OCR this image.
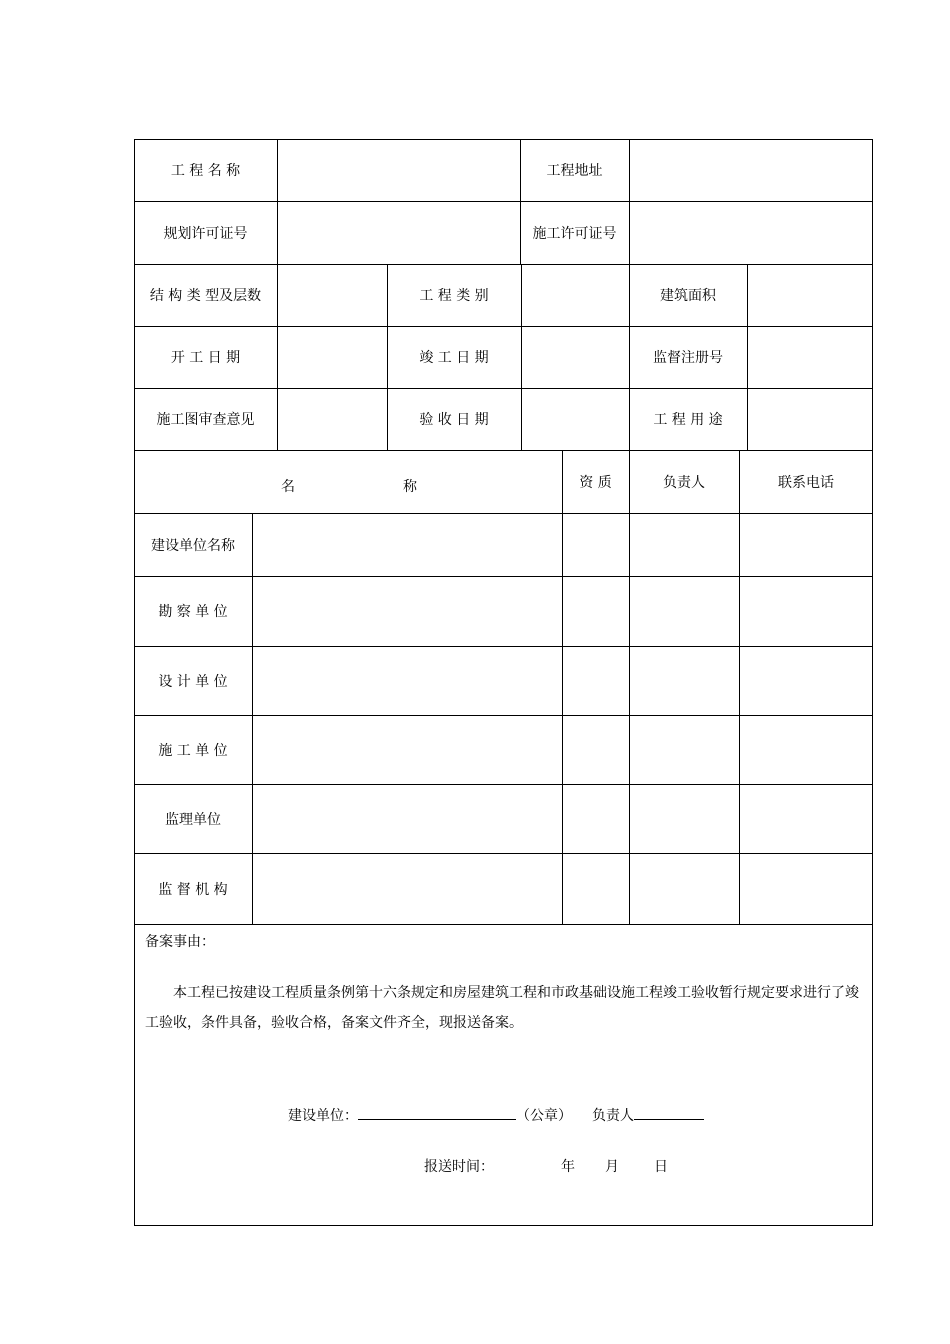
工 程 名 称	工程地址
规划许可证号	施工许可证号
结 构 类 型及层数	工 程 类 别	建筑面积
开 工 日 期	竣 工 日 期	监督注册号
施工图审查意见	验 收 日 期	工 程 用 途
名	称	资 质	负责人	联系电话
建设单位名称
勘 察 单 位
设 计 单 位
施 工 单 位
监理单位
监 督 机 构
备案事由：
本工程已按建设工程质量条例第十六条规定和房屋建筑工程和市政基础设施工程竣工验收暂行规定要求进行了竣工验收，条件具备，验收合格，备案文件齐全，现报送备案。
建设单位：	（公章） 负责人
报送时间：	年 月	日
